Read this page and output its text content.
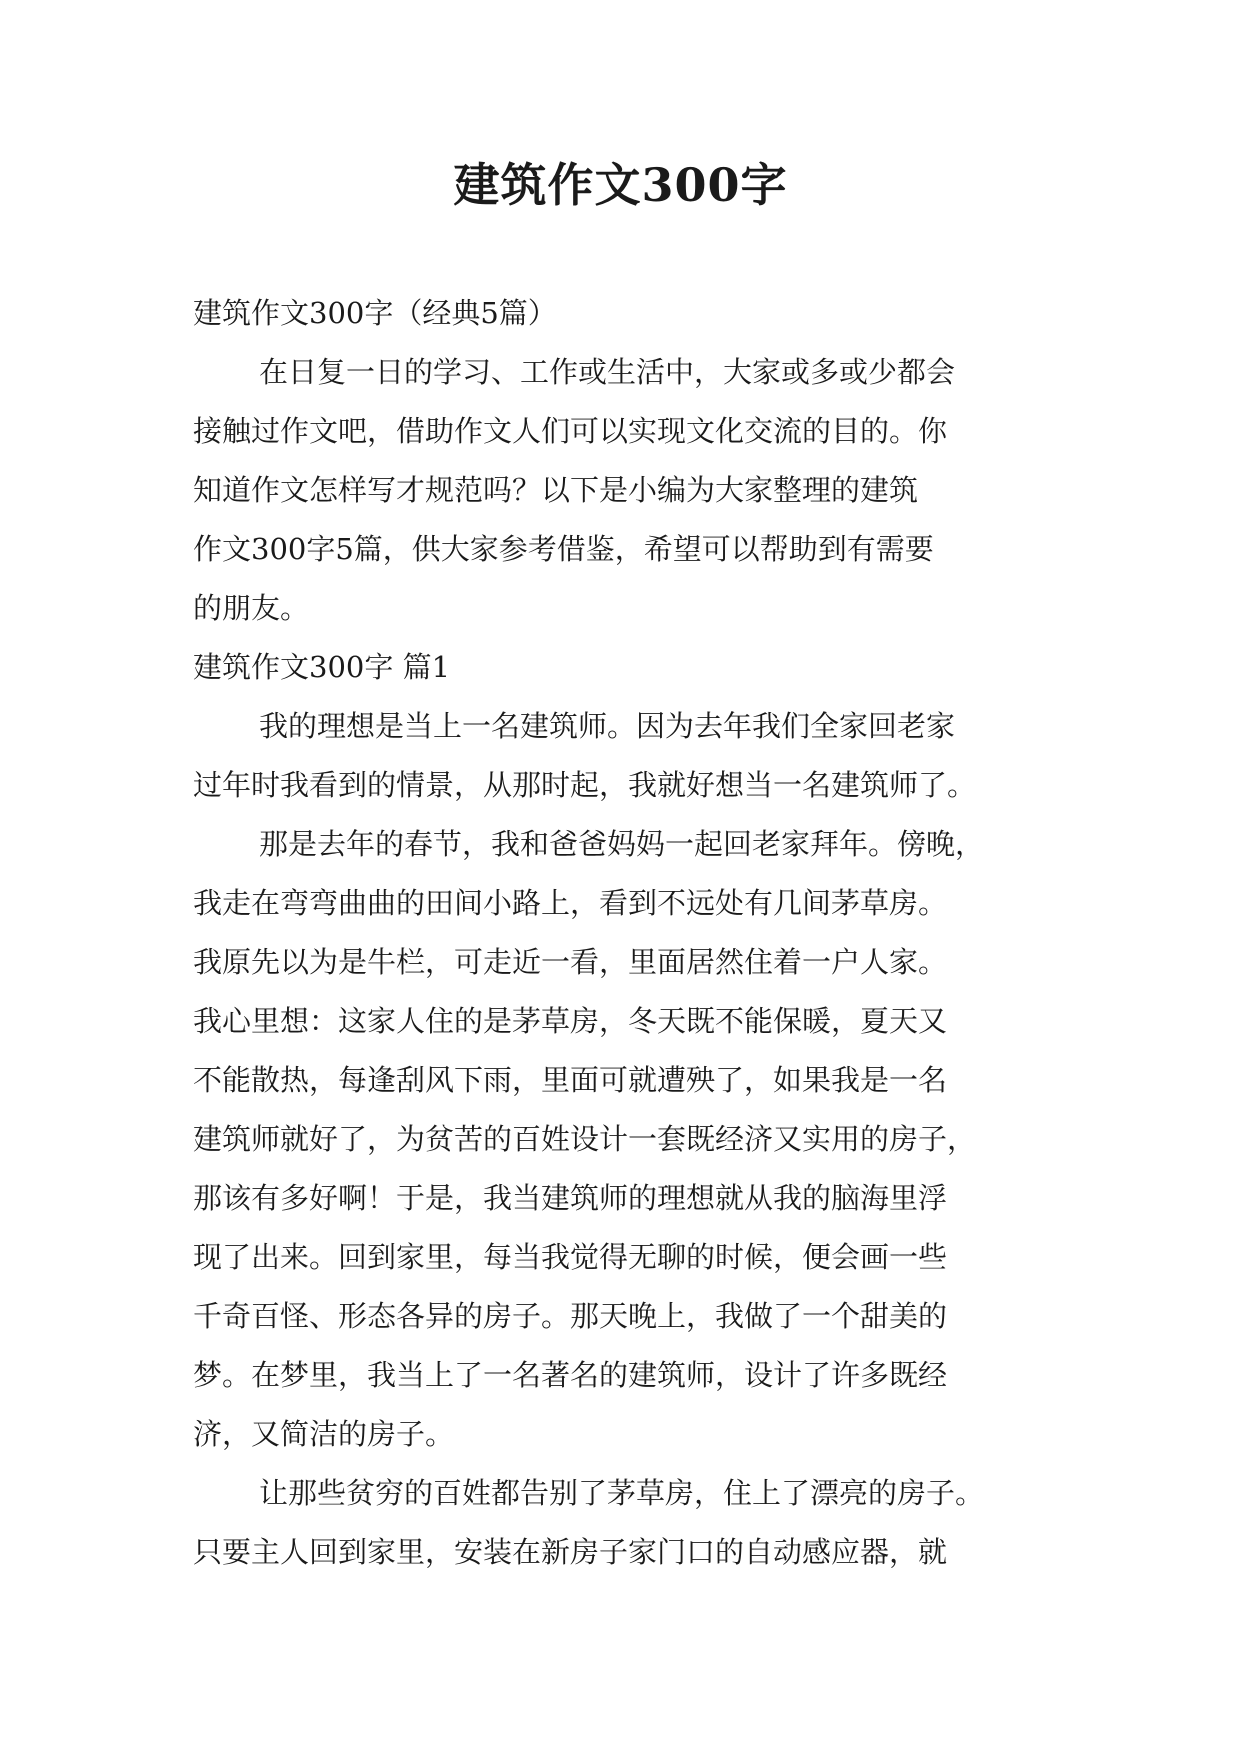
建筑作文300字

建筑作文300字（经典5篇）

在日复一日的学习、工作或生活中，大家或多或少都会

接触过作文吧，借助作文人们可以实现文化交流的目的。你

知道作文怎样写才规范吗？以下是小编为大家整理的建筑

作文300字5篇，供大家参考借鉴，希望可以帮助到有需要

的朋友。

建筑作文300字 篇1

我的理想是当上一名建筑师。因为去年我们全家回老家

过年时我看到的情景，从那时起，我就好想当一名建筑师了。

那是去年的春节，我和爸爸妈妈一起回老家拜年。傍晚，

我走在弯弯曲曲的田间小路上，看到不远处有几间茅草房。

我原先以为是牛栏，可走近一看，里面居然住着一户人家。

我心里想：这家人住的是茅草房，冬天既不能保暖，夏天又

不能散热，每逢刮风下雨，里面可就遭殃了，如果我是一名

建筑师就好了，为贫苦的百姓设计一套既经济又实用的房子，

那该有多好啊！于是，我当建筑师的理想就从我的脑海里浮

现了出来。回到家里，每当我觉得无聊的时候，便会画一些

千奇百怪、形态各异的房子。那天晚上，我做了一个甜美的

梦。在梦里，我当上了一名著名的建筑师，设计了许多既经

济，又简洁的房子。

让那些贫穷的百姓都告别了茅草房，住上了漂亮的房子。

只要主人回到家里，安装在新房子家门口的自动感应器，就
